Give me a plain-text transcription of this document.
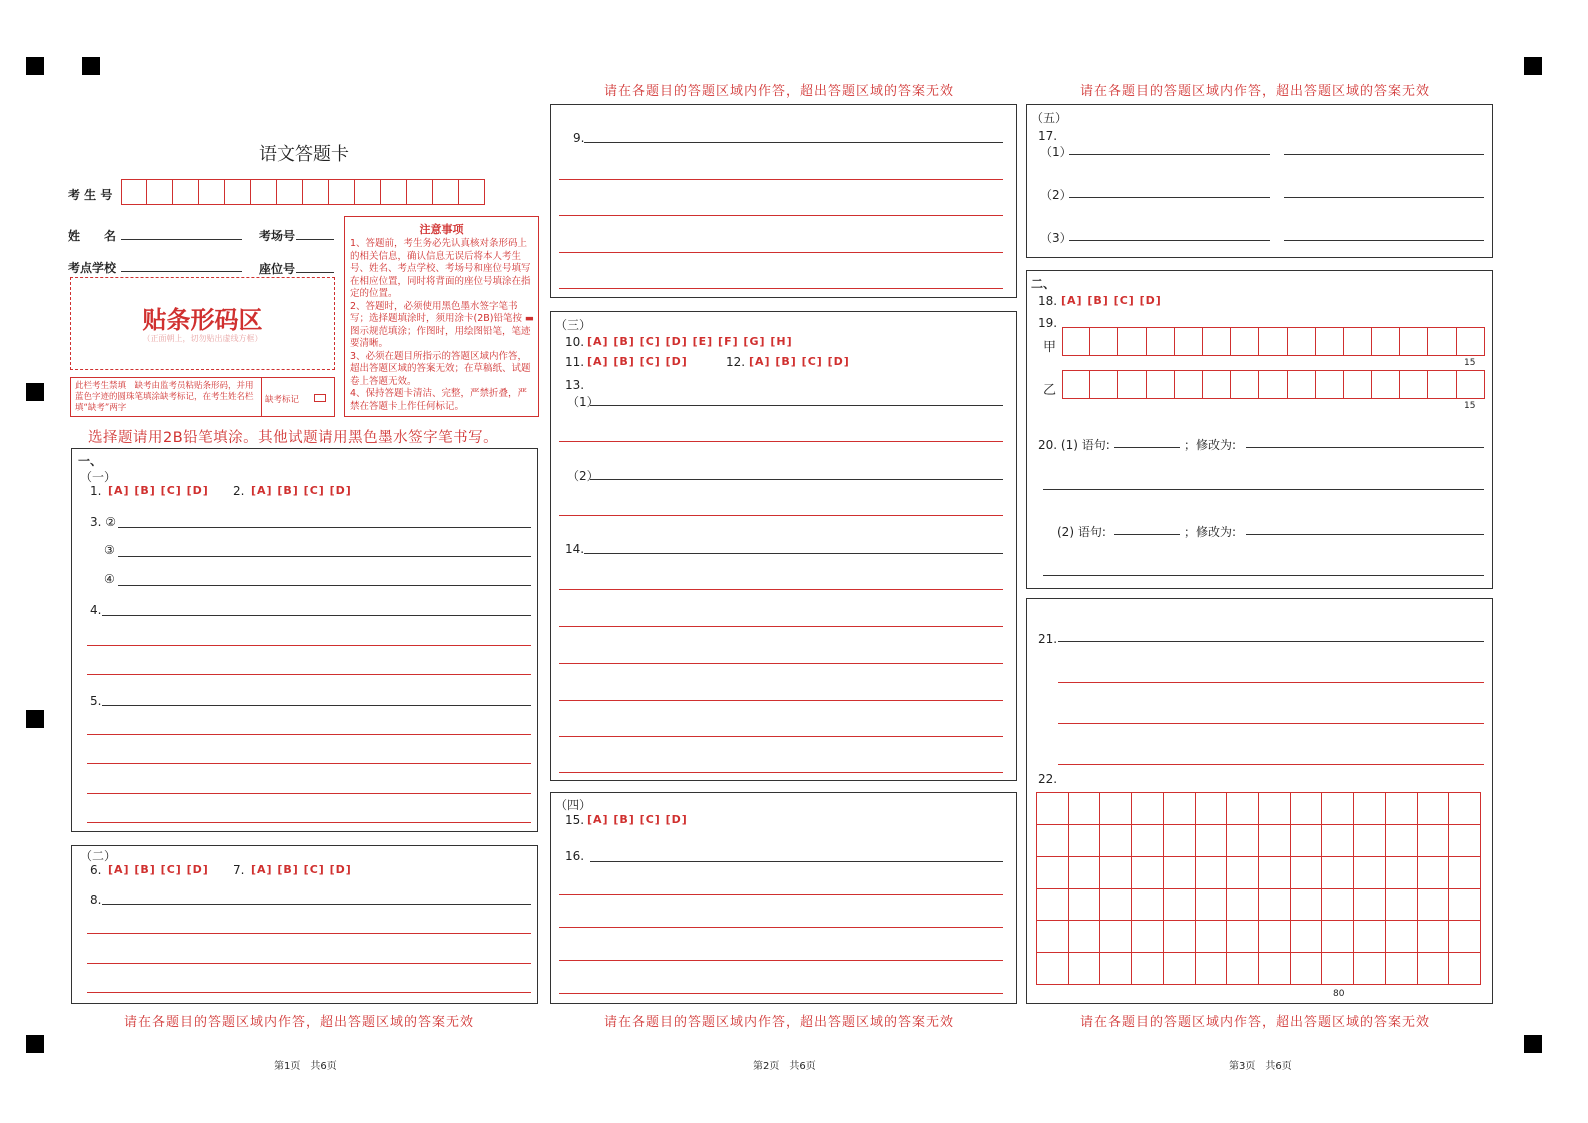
请在各题目的答题区域内作答，超出答题区域的答案无效	请在各题目的答题区域内作答，超出答题区域的答案无效
语文答题卡
考 生 号
姓　　名	考场号
考点学校	座位号
贴条形码区
（正面朝上，切勿贴出虚线方框）
此栏考生禁填　缺考由监考员粘贴条形码，并用蓝色字迹的圆珠笔填涂缺考标记，在考生姓名栏填“缺考”两字
缺考标记
注意事项
1、答题前，考生务必先认真核对条形码上的相关信息，确认信息无误后将本人考生号、姓名、考点学校、考场号和座位号填写在相应位置，同时将背面的座位号填涂在指定的位置。
2、答题时，必须使用黑色墨水签字笔书写；选择题填涂时，须用涂卡(2B)铅笔按 ▬ 图示规范填涂；作图时，用绘图铅笔，笔迹要清晰。
3、必须在题目所指示的答题区域内作答，超出答题区域的答案无效；在草稿纸、试题卷上答题无效。
4、保持答题卡清洁、完整，严禁折叠，严禁在答题卡上作任何标记。
选择题请用2B铅笔填涂。其他试题请用黑色墨水签字笔书写。
一、
（一）
1. [A] [B] [C] [D] 2. [A] [B] [C] [D]
3. ②
③
④
4.
5.
（二）
6. [A] [B] [C] [D] 7. [A] [B] [C] [D]
8.
请在各题目的答题区域内作答，超出答题区域的答案无效
第1页　共6页
9.
（三）
10. [A] [B] [C] [D] [E] [F] [G] [H]
11. [A] [B] [C] [D]	12. [A] [B] [C] [D]
13.
（1）
（2）
14.
（四）
15. [A] [B] [C] [D]
16.
请在各题目的答题区域内作答，超出答题区域的答案无效
第2页　共6页
（五）
17.
（1）
（2）
（3）
二、
18. [A] [B] [C] [D]
19.
甲
15
乙
15
20. (1) 语句:	；修改为:
(2) 语句:	；修改为:
21.
22.
80
请在各题目的答题区域内作答，超出答题区域的答案无效
第3页　共6页
